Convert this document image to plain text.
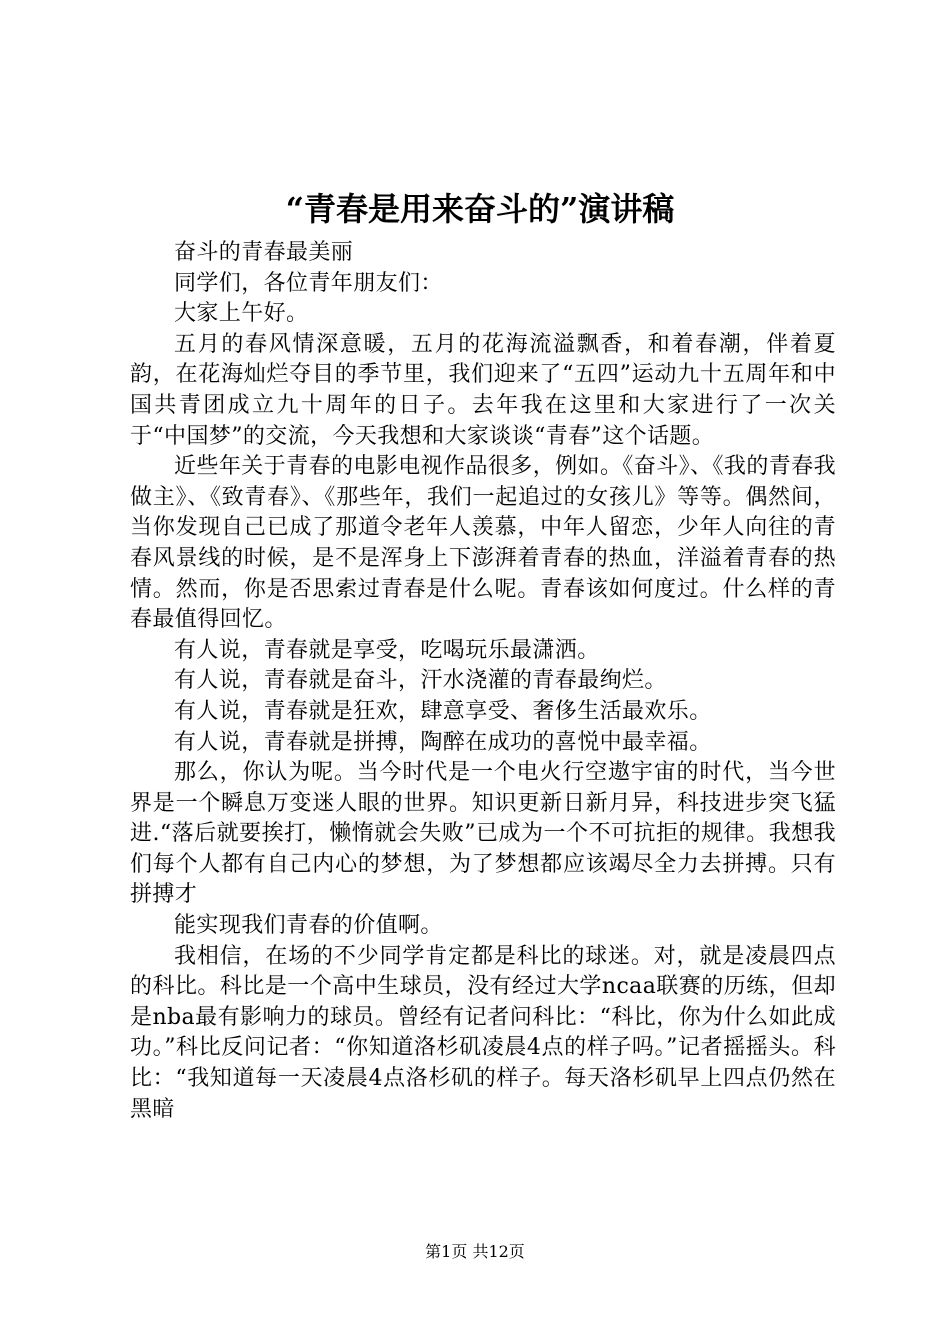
“青春是用来奋斗的”演讲稿

奋斗的青春最美丽

同学们，各位青年朋友们：

大家上午好。

五月的春风情深意暖，五月的花海流溢飘香，和着春潮，伴着夏韵，在花海灿烂夺目的季节里，我们迎来了“五四”运动九十五周年和中国共青团成立九十周年的日子。去年我在这里和大家进行了一次关于“中国梦”的交流，今天我想和大家谈谈“青春”这个话题。

近些年关于青春的电影电视作品很多，例如。《奋斗》、《我的青春我做主》、《致青春》、《那些年，我们一起追过的女孩儿》等等。偶然间，当你发现自己已成了那道令老年人羡慕，中年人留恋，少年人向往的青春风景线的时候，是不是浑身上下澎湃着青春的热血，洋溢着青春的热情。然而，你是否思索过青春是什么呢。青春该如何度过。什么样的青春最值得回忆。

有人说，青春就是享受，吃喝玩乐最潇洒。

有人说，青春就是奋斗，汗水浇灌的青春最绚烂。

有人说，青春就是狂欢，肆意享受、奢侈生活最欢乐。

有人说，青春就是拼搏，陶醉在成功的喜悦中最幸福。

那么，你认为呢。当今时代是一个电火行空遨宇宙的时代，当今世界是一个瞬息万变迷人眼的世界。知识更新日新月异，科技进步突飞猛进.“落后就要挨打，懒惰就会失败”已成为一个不可抗拒的规律。我想我们每个人都有自己内心的梦想，为了梦想都应该竭尽全力去拼搏。只有拼搏才

能实现我们青春的价值啊。

我相信，在场的不少同学肯定都是科比的球迷。对，就是凌晨四点的科比。科比是一个高中生球员，没有经过大学ncaa联赛的历练，但却是nba最有影响力的球员。曾经有记者问科比：“科比，你为什么如此成功。”科比反问记者：“你知道洛杉矶凌晨4点的样子吗。”记者摇摇头。科比：“我知道每一天凌晨4点洛杉矶的样子。每天洛杉矶早上四点仍然在黑暗

第1页 共12页
